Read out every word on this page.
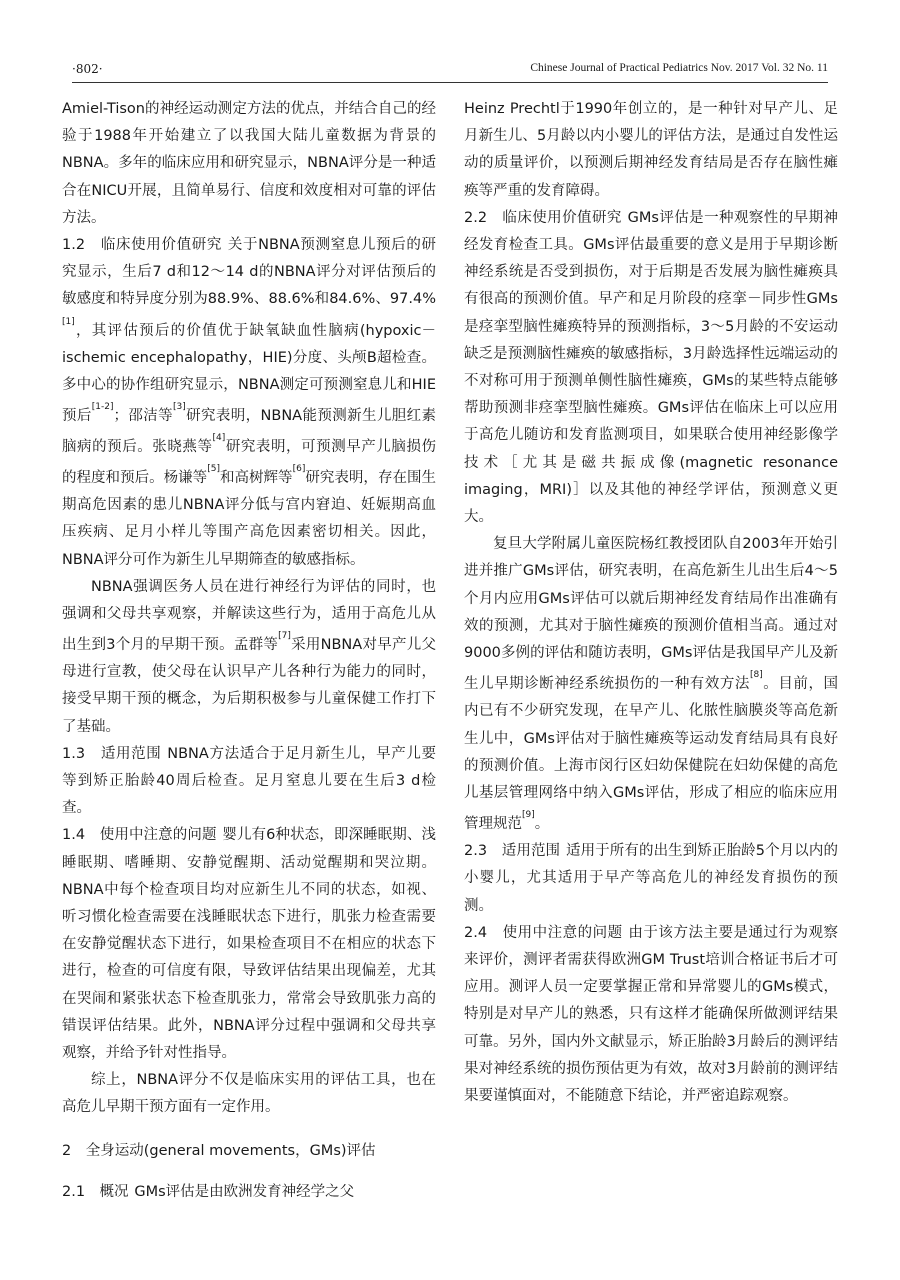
·802·	Chinese Journal of Practical Pediatrics Nov. 2017 Vol. 32 No. 11

Amiel-Tison的神经运动测定方法的优点，并结合自己的经验于1988年开始建立了以我国大陆儿童数据为背景的NBNA。多年的临床应用和研究显示，NBNA评分是一种适合在NICU开展，且简单易行、信度和效度相对可靠的评估方法。

1.2　临床使用价值研究 关于NBNA预测窒息儿预后的研究显示，生后7 d和12～14 d的NBNA评分对评估预后的敏感度和特异度分别为88.9%、88.6%和84.6%、97.4%[1]，其评估预后的价值优于缺氧缺血性脑病(hypoxic－ischemic encephalopathy，HIE)分度、头颅B超检查。多中心的协作组研究显示，NBNA测定可预测窒息儿和HIE预后[1-2]；邵洁等[3]研究表明，NBNA能预测新生儿胆红素脑病的预后。张晓燕等[4]研究表明，可预测早产儿脑损伤的程度和预后。杨谦等[5]和高树辉等[6]研究表明，存在围生期高危因素的患儿NBNA评分低与宫内窘迫、妊娠期高血压疾病、足月小样儿等围产高危因素密切相关。因此，NBNA评分可作为新生儿早期筛查的敏感指标。

NBNA强调医务人员在进行神经行为评估的同时，也强调和父母共享观察，并解读这些行为，适用于高危儿从出生到3个月的早期干预。孟群等[7]采用NBNA对早产儿父母进行宣教，使父母在认识早产儿各种行为能力的同时，接受早期干预的概念，为后期积极参与儿童保健工作打下了基础。

1.3　适用范围 NBNA方法适合于足月新生儿，早产儿要等到矫正胎龄40周后检查。足月窒息儿要在生后3 d检查。

1.4　使用中注意的问题 婴儿有6种状态，即深睡眠期、浅睡眠期、嗜睡期、安静觉醒期、活动觉醒期和哭泣期。NBNA中每个检查项目均对应新生儿不同的状态，如视、听习惯化检查需要在浅睡眠状态下进行，肌张力检查需要在安静觉醒状态下进行，如果检查项目不在相应的状态下进行，检查的可信度有限，导致评估结果出现偏差，尤其在哭闹和紧张状态下检查肌张力，常常会导致肌张力高的错误评估结果。此外，NBNA评分过程中强调和父母共享观察，并给予针对性指导。

综上，NBNA评分不仅是临床实用的评估工具，也在高危儿早期干预方面有一定作用。

2　全身运动(general movements，GMs)评估

2.1　概况 GMs评估是由欧洲发育神经学之父

Heinz Prechtl于1990年创立的，是一种针对早产儿、足月新生儿、5月龄以内小婴儿的评估方法，是通过自发性运动的质量评价，以预测后期神经发育结局是否存在脑性瘫痪等严重的发育障碍。

2.2　临床使用价值研究 GMs评估是一种观察性的早期神经发育检查工具。GMs评估最重要的意义是用于早期诊断神经系统是否受到损伤，对于后期是否发展为脑性瘫痪具有很高的预测价值。早产和足月阶段的痉挛－同步性GMs是痉挛型脑性瘫痪特异的预测指标，3～5月龄的不安运动缺乏是预测脑性瘫痪的敏感指标，3月龄选择性远端运动的不对称可用于预测单侧性脑性瘫痪，GMs的某些特点能够帮助预测非痉挛型脑性瘫痪。GMs评估在临床上可以应用于高危儿随访和发育监测项目，如果联合使用神经影像学技术［尤其是磁共振成像(magnetic resonance imaging，MRI)］以及其他的神经学评估，预测意义更大。

复旦大学附属儿童医院杨红教授团队自2003年开始引进并推广GMs评估，研究表明，在高危新生儿出生后4～5个月内应用GMs评估可以就后期神经发育结局作出准确有效的预测，尤其对于脑性瘫痪的预测价值相当高。通过对9000多例的评估和随访表明，GMs评估是我国早产儿及新生儿早期诊断神经系统损伤的一种有效方法[8]。目前，国内已有不少研究发现，在早产儿、化脓性脑膜炎等高危新生儿中，GMs评估对于脑性瘫痪等运动发育结局具有良好的预测价值。上海市闵行区妇幼保健院在妇幼保健的高危儿基层管理网络中纳入GMs评估，形成了相应的临床应用管理规范[9]。

2.3　适用范围 适用于所有的出生到矫正胎龄5个月以内的小婴儿，尤其适用于早产等高危儿的神经发育损伤的预测。

2.4　使用中注意的问题 由于该方法主要是通过行为观察来评价，测评者需获得欧洲GM Trust培训合格证书后才可应用。测评人员一定要掌握正常和异常婴儿的GMs模式，特别是对早产儿的熟悉，只有这样才能确保所做测评结果可靠。另外，国内外文献显示，矫正胎龄3月龄后的测评结果对神经系统的损伤预估更为有效，故对3月龄前的测评结果要谨慎面对，不能随意下结论，并严密追踪观察。
